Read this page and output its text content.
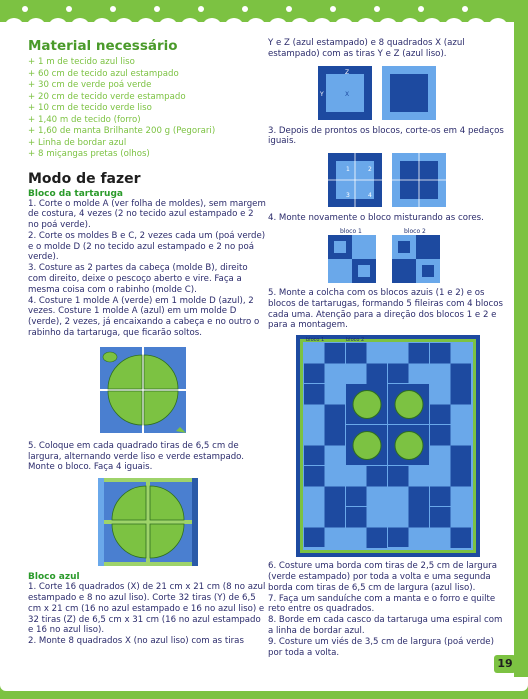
Material necessário
+ 1 m de tecido azul liso
+ 60 cm de tecido azul estampado
+ 30 cm de verde poá verde
+ 20 cm de tecido verde estampado
+ 10 cm de tecido verde liso
+ 1,40 m de tecido (forro)
+ 1,60 de manta Brilhante 200 g (Pegorari)
+ Linha de bordar azul
+ 8 miçangas pretas (olhos)
Modo de fazer
Bloco da tartaruga

1. Corte o molde A (ver folha de moldes), sem margem de costura, 4 vezes (2 no tecido azul estampado e 2 no poá verde).

2. Corte os moldes B e C, 2 vezes cada um (poá verde) e o molde D (2 no tecido azul estampado e 2 no poá verde).

3. Costure as 2 partes da cabeça (molde B), direito com direito, deixe o pescoço aberto e vire. Faça a mesma coisa com o rabinho (molde C).

4. Costure 1 molde A (verde) em 1 molde D (azul), 2 vezes. Costure 1 molde A (azul) em um molde D (verde), 2 vezes, já encaixando a cabeça e no outro o rabinho da tartaruga, que ficarão soltos.

5. Coloque em cada quadrado tiras de 6,5 cm de largura, alternando verde liso e verde estampado. Monte o bloco. Faça 4 iguais.

Bloco azul

1. Corte 16 quadrados (X) de 21 cm x 21 cm (8 no azul estampado e 8 no azul liso). Corte 32 tiras (Y) de 6,5 cm x 21 cm (16 no azul estampado e 16 no azul liso) e 32 tiras (Z) de 6,5 cm x 31 cm (16 no azul estampado e 16 no azul liso).

2. Monte 8 quadrados X (no azul liso) com as tiras

Y e Z (azul estampado) e 8 quadrados X (azul estampado) com as tiras Y e Z (azul liso).

Z
Y	X

3. Depois de prontos os blocos, corte-os em 4 pedaços iguais.

1	2
3	4

4. Monte novamente o bloco misturando as cores.

bloco 1	bloco 2

5. Monte a colcha com os blocos azuis (1 e 2) e os blocos de tartarugas, formando 5 fileiras com 4 blocos cada uma. Atenção para a direção dos blocos 1 e 2 e para a montagem.

bloco 1	bloco 2

6. Costure uma borda com tiras de 2,5 cm de largura (verde estampado) por toda a volta e uma segunda borda com tiras de 6,5 cm de largura (azul liso).

7. Faça um sanduíche com a manta e o forro e quilte reto entre os quadrados.

8. Borde em cada casco da tartaruga uma espiral com a linha de bordar azul.

9. Costure um viés de 3,5 cm de largura (poá verde) por toda a volta.

19
